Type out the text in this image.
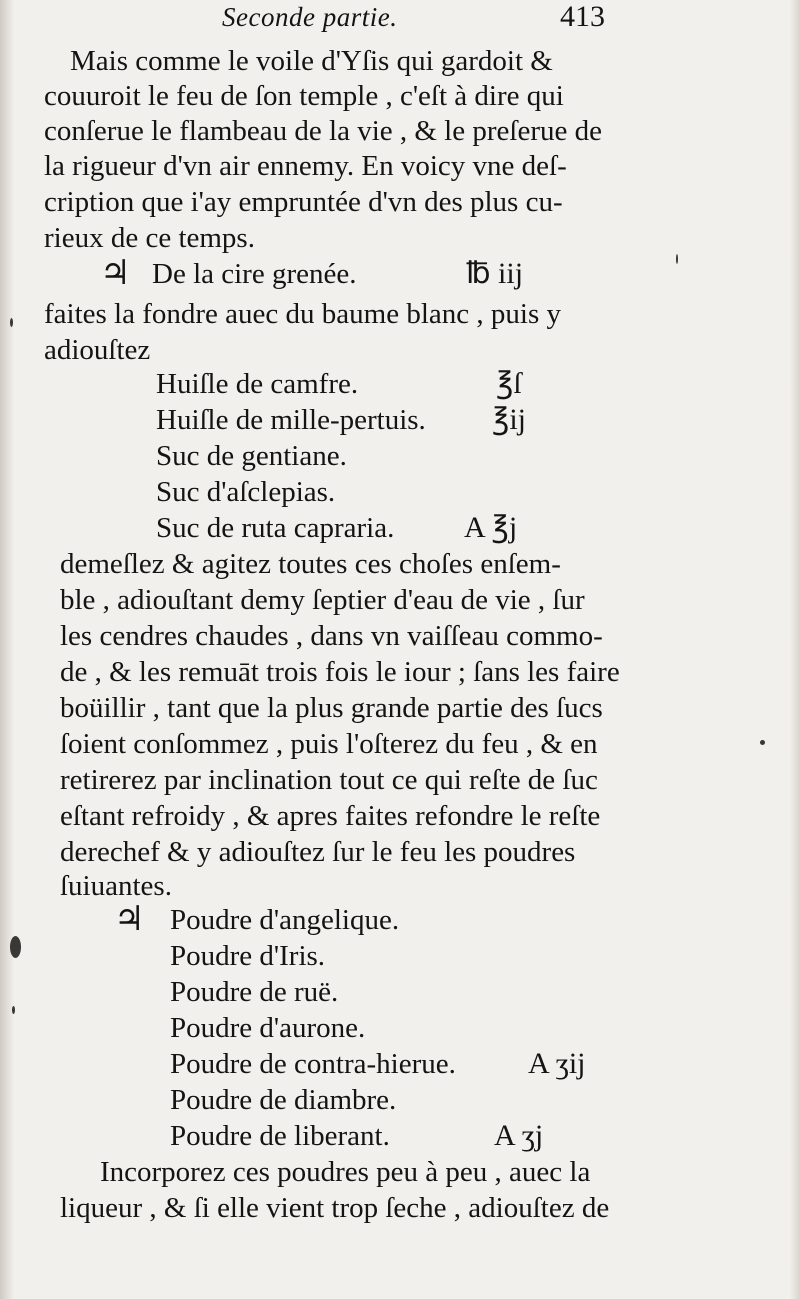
Seconde partie.	413
Mais comme le voile d'Yſis qui gardoit &
couuroit le feu de ſon temple , c'eſt à dire qui
conſerue le flambeau de la vie , & le preſerue de
la rigueur d'vn air ennemy. En voicy vne deſ-
cription que i'ay empruntée d'vn des plus cu-
rieux de ce temps.
♃ De la cire grenée.	℔ iij
faites la fondre auec du baume blanc , puis y
adiouſtez
Huiſle de camfre.	℥ſ
Huiſle de mille-pertuis. ℥ij
Suc de gentiane.
Suc d'aſclepias.
Suc de ruta capraria. A ℥j
demeſlez & agitez toutes ces choſes enſem-
ble , adiouſtant demy ſeptier d'eau de vie , ſur
les cendres chaudes , dans vn vaiſſeau commo-
de , & les remuāt trois fois le iour ; ſans les faire
boüillir , tant que la plus grande partie des ſucs
ſoient conſommez , puis l'oſterez du feu , & en
retirerez par inclination tout ce qui reſte de ſuc
eſtant refroidy , & apres faites refondre le reſte
derechef & y adiouſtez ſur le feu les poudres
ſuiuantes.
♃ Poudre d'angelique.
Poudre d'Iris.
Poudre de ruë.
Poudre d'aurone.
Poudre de contra-hierue. A ʒij
Poudre de diambre.
Poudre de liberant.	A ʒj
Incorporez ces poudres peu à peu , auec la
liqueur , & ſi elle vient trop ſeche , adiouſtez de
